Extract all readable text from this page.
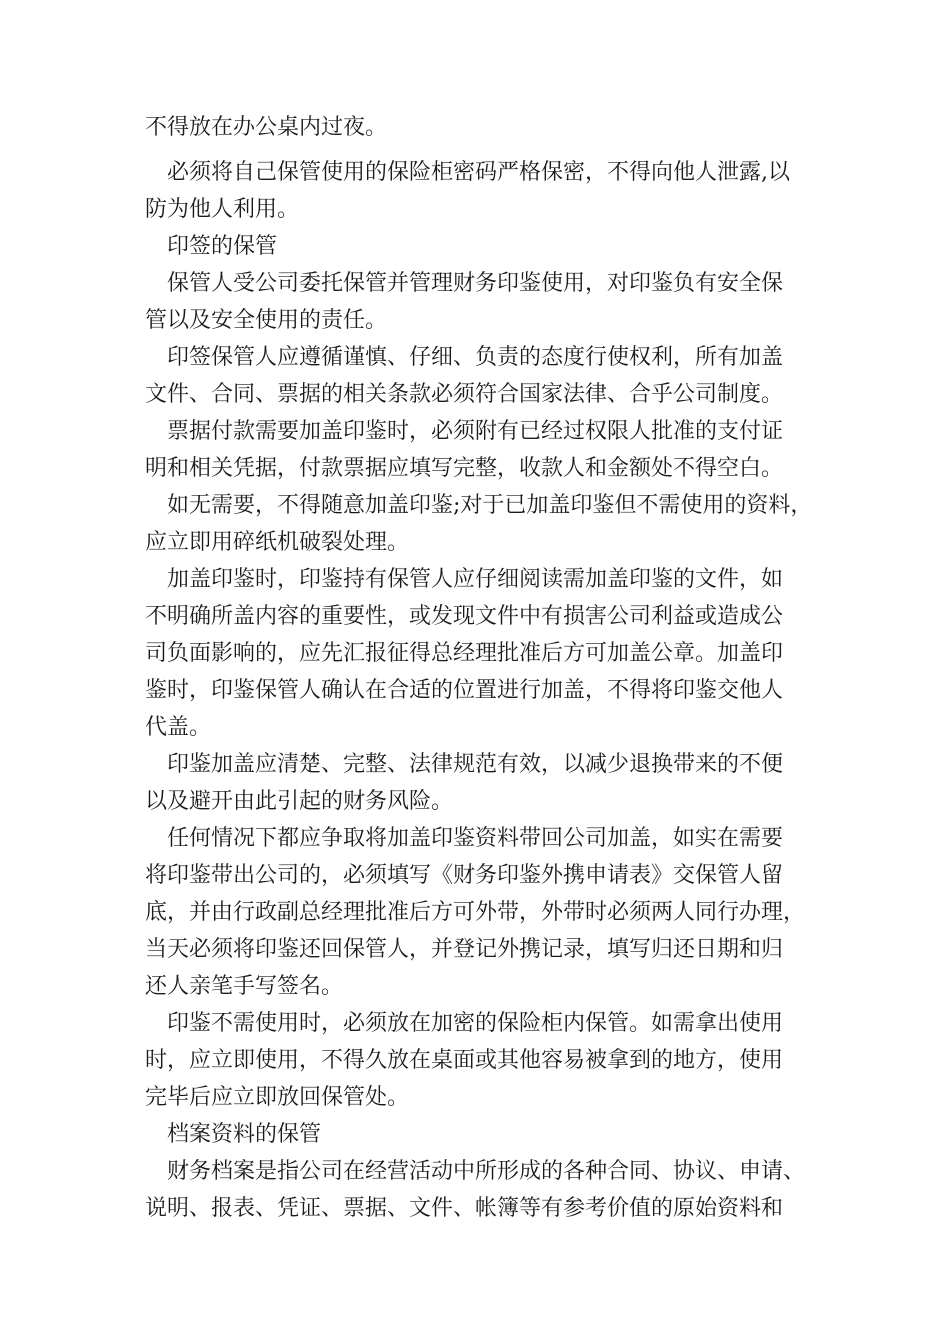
不得放在办公桌内过夜。
必须将自己保管使用的保险柜密码严格保密，不得向他人泄露,以
防为他人利用。
印签的保管
保管人受公司委托保管并管理财务印鉴使用，对印鉴负有安全保
管以及安全使用的责任。
印签保管人应遵循谨慎、仔细、负责的态度行使权利，所有加盖
文件、合同、票据的相关条款必须符合国家法律、合乎公司制度。
票据付款需要加盖印鉴时，必须附有已经过权限人批准的支付证
明和相关凭据，付款票据应填写完整，收款人和金额处不得空白。
如无需要，不得随意加盖印鉴;对于已加盖印鉴但不需使用的资料，
应立即用碎纸机破裂处理。
加盖印鉴时，印鉴持有保管人应仔细阅读需加盖印鉴的文件，如
不明确所盖内容的重要性，或发现文件中有损害公司利益或造成公
司负面影响的，应先汇报征得总经理批准后方可加盖公章。加盖印
鉴时，印鉴保管人确认在合适的位置进行加盖，不得将印鉴交他人
代盖。
印鉴加盖应清楚、完整、法律规范有效，以减少退换带来的不便
以及避开由此引起的财务风险。
任何情况下都应争取将加盖印鉴资料带回公司加盖，如实在需要
将印鉴带出公司的，必须填写《财务印鉴外携申请表》交保管人留
底，并由行政副总经理批准后方可外带，外带时必须两人同行办理，
当天必须将印鉴还回保管人，并登记外携记录，填写归还日期和归
还人亲笔手写签名。
印鉴不需使用时，必须放在加密的保险柜内保管。如需拿出使用
时，应立即使用，不得久放在桌面或其他容易被拿到的地方，使用
完毕后应立即放回保管处。
档案资料的保管
财务档案是指公司在经营活动中所形成的各种合同、协议、申请、
说明、报表、凭证、票据、文件、帐簿等有参考价值的原始资料和
